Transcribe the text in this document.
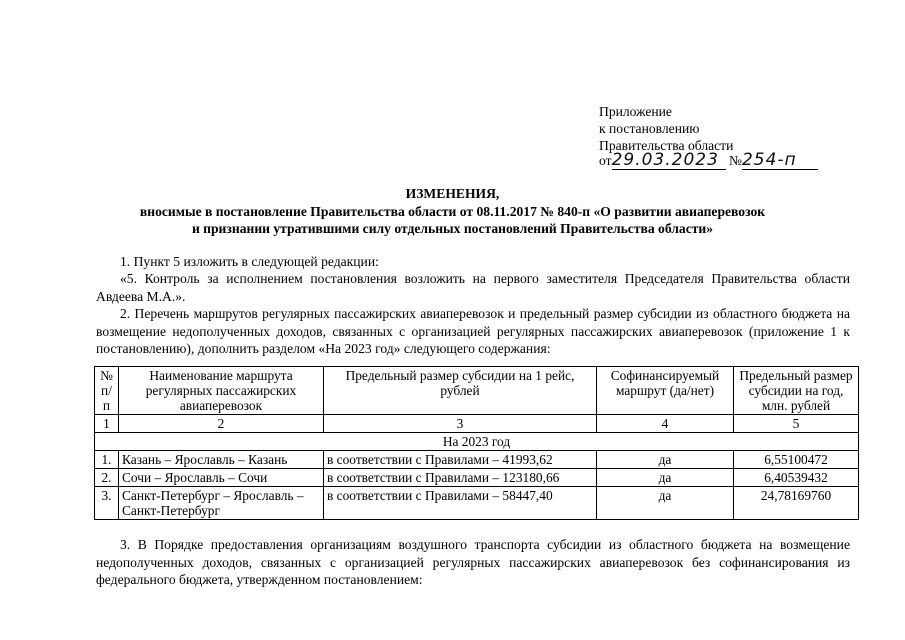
Приложение
к постановлению
Правительства области
от29.03.2023 №254-п
ИЗМЕНЕНИЯ,
вносимые в постановление Правительства области от 08.11.2017 № 840-п «О развитии авиаперевозок
и признании утратившими силу отдельных постановлений Правительства области»
1. Пункт 5 изложить в следующей редакции:
«5. Контроль за исполнением постановления возложить на первого заместителя Председателя Правительства области Авдеева М.А.».
2. Перечень маршрутов регулярных пассажирских авиаперевозок и предельный размер субсидии из областного бюджета на возмещение недополученных доходов, связанных с организацией регулярных пассажирских авиаперевозок (приложение 1 к постановлению), дополнить разделом «На 2023 год» следующего содержания:
№ п/п	Наименование маршрута регулярных пассажирских авиаперевозок	Предельный размер субсидии на 1 рейс, рублей	Софинансируемый маршрут (да/нет)	Предельный размер субсидии на год, млн. рублей
1	2	3	4	5
На 2023 год				
1.	Казань – Ярославль – Казань	в соответствии с Правилами – 41993,62	да	6,55100472
2.	Сочи – Ярославль – Сочи	в соответствии с Правилами – 123180,66	да	6,40539432
3.	Санкт-Петербург – Ярославль – Санкт-Петербург	в соответствии с Правилами – 58447,40	да	24,78169760
3. В Порядке предоставления организациям воздушного транспорта субсидии из областного бюджета на возмещение недополученных доходов, связанных с организацией регулярных пассажирских авиаперевозок без софинансирования из федерального бюджета, утвержденном постановлением:
